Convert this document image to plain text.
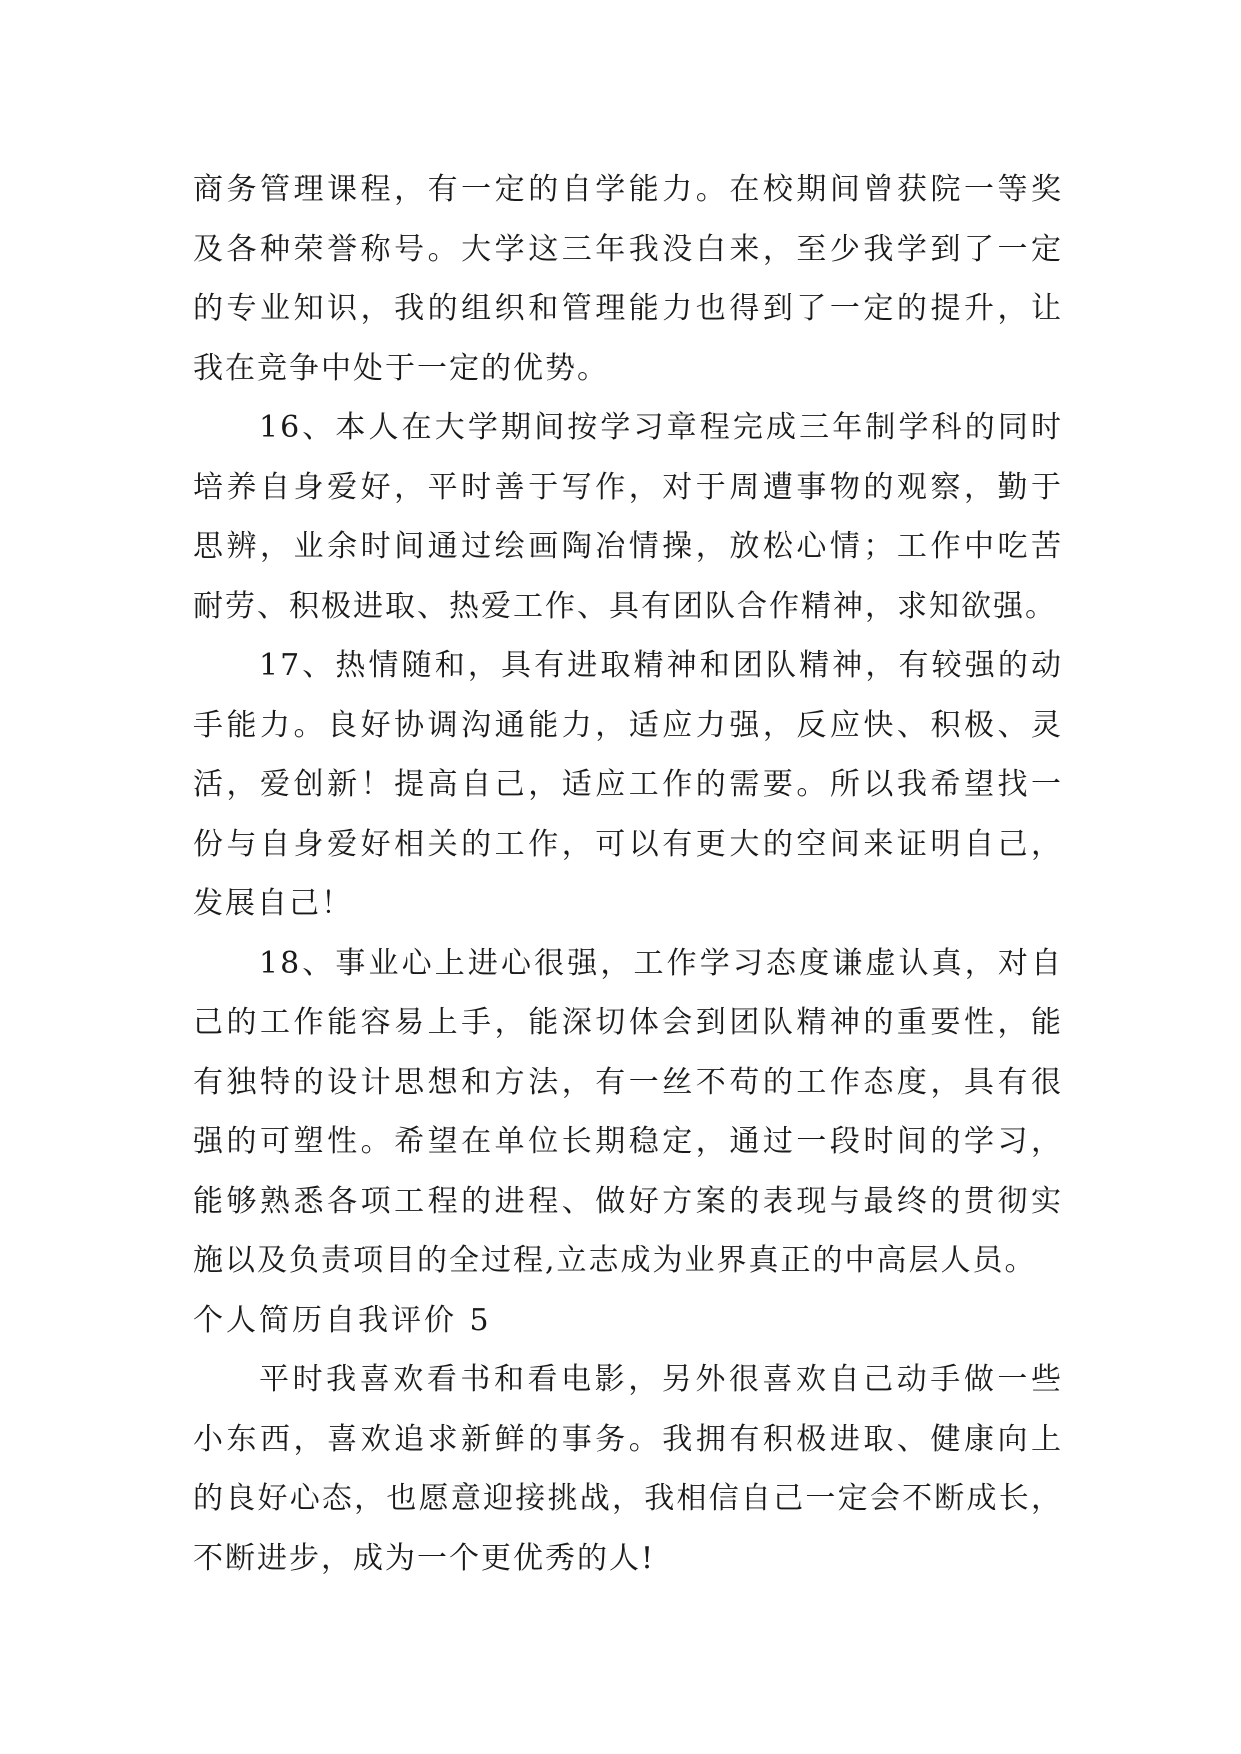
商务管理课程，有一定的自学能力。在校期间曾获院一等奖
及各种荣誉称号。大学这三年我没白来，至少我学到了一定
的专业知识，我的组织和管理能力也得到了一定的提升，让
我在竞争中处于一定的优势。
16、本人在大学期间按学习章程完成三年制学科的同时
培养自身爱好，平时善于写作，对于周遭事物的观察，勤于
思辨，业余时间通过绘画陶冶情操，放松心情；工作中吃苦
耐劳、积极进取、热爱工作、具有团队合作精神，求知欲强。
17、热情随和，具有进取精神和团队精神，有较强的动
手能力。良好协调沟通能力，适应力强，反应快、积极、灵
活，爱创新！提高自己，适应工作的需要。所以我希望找一
份与自身爱好相关的工作，可以有更大的空间来证明自己，
发展自己！
18、事业心上进心很强，工作学习态度谦虚认真，对自
己的工作能容易上手，能深切体会到团队精神的重要性，能
有独特的设计思想和方法，有一丝不苟的工作态度，具有很
强的可塑性。希望在单位长期稳定，通过一段时间的学习，
能够熟悉各项工程的进程、做好方案的表现与最终的贯彻实
施以及负责项目的全过程,立志成为业界真正的中高层人员。
个人简历自我评价 5
平时我喜欢看书和看电影，另外很喜欢自己动手做一些
小东西，喜欢追求新鲜的事务。我拥有积极进取、健康向上
的良好心态，也愿意迎接挑战，我相信自己一定会不断成长，
不断进步，成为一个更优秀的人!
